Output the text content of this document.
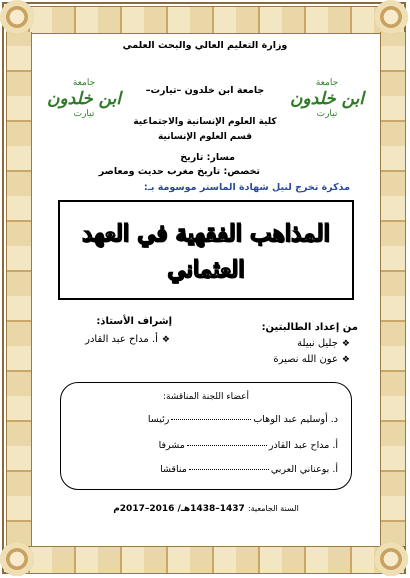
وزارة التعليم العالي والبحث العلمي
جامعة ابن خلدون –تيارت–
كلية العلوم الإنسانية والاجتماعية
قسم العلوم الإنسانية
مسار: تاريخ
تخصص: تاريخ مغرب حديث ومعاصر
مذكرة تخرج لنيل شهادة الماستر موسومة بـ:
جامعة
ابن خلدون
تيارت
جامعة
ابن خلدون
تيارت
المذاهب الفقهية في العهد
العثماني
من إعداد الطالبتين:
❖جليل نبيلة
❖عون الله نصيرة
إشراف الأستاذ:
❖أ. مداح عبد القادر
أعضاء اللجنة المناقشة:
د. أوسليم عبد الوهابرئيسا
أ. مداح عبد القادرمشرفا
أ. بوعناني العربيمناقشا
السنة الجامعية: 1437–1438هـ/ 2016–2017م
